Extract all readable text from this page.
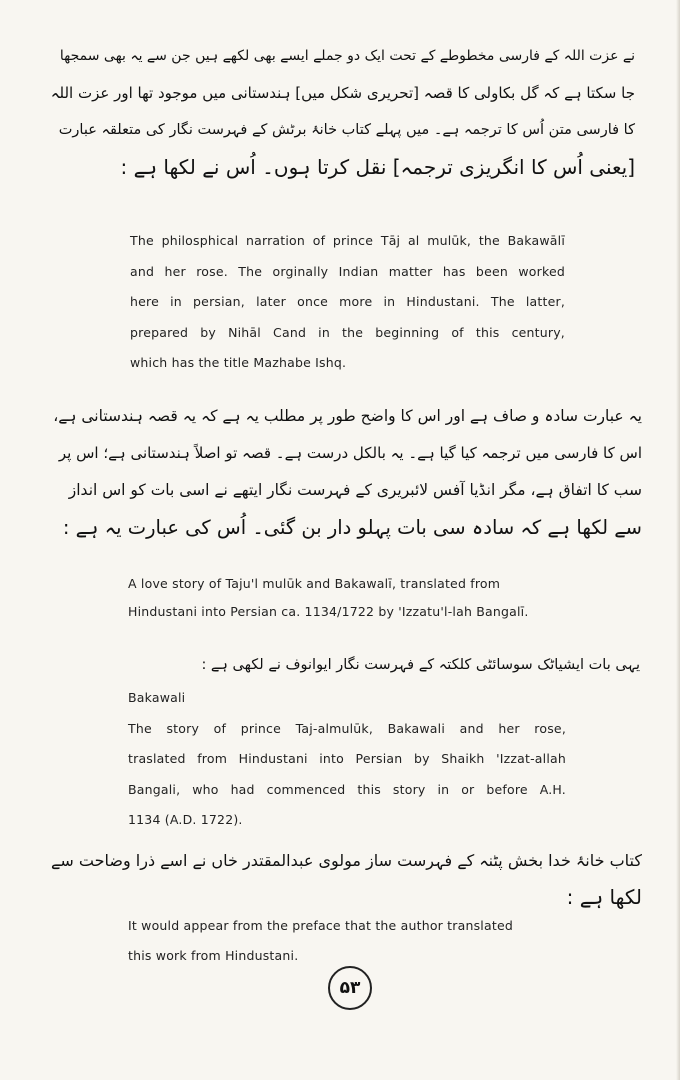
نے عزت اللہ کے فارسی مخطوطے کے تحت ایک دو جملے ایسے بھی لکھے ہیں جن سے یہ بھی سمجھا
جا سکتا ہے کہ گل بکاولی کا قصہ [تحریری شکل میں] ہندستانی میں موجود تھا اور عزت اللہ
کا فارسی متن اُس کا ترجمہ ہے۔ میں پہلے کتاب خانۂ برٹش کے فہرست نگار کی متعلقہ عبارت
[یعنی اُس کا انگریزی ترجمہ] نقل کرتا ہوں۔ اُس نے لکھا ہے :
The philosphical narration of prince Tāj al mulūk, the Bakawālī
and her rose. The orginally Indian matter has been worked
here in persian, later once more in Hindustani. The latter,
prepared by Nihāl Cand in the beginning of this century,
which has the title Mazhabe Ishq.
یہ عبارت سادہ و صاف ہے اور اس کا واضح طور پر مطلب یہ ہے کہ یہ قصہ ہندستانی ہے،
اس کا فارسی میں ترجمہ کیا گیا ہے۔ یہ بالکل درست ہے۔ قصہ تو اصلاً ہندستانی ہے؛ اس پر
سب کا اتفاق ہے، مگر انڈیا آفس لائبریری کے فہرست نگار ایتھے نے اسی بات کو اس انداز
سے لکھا ہے کہ سادہ سی بات پہلو دار بن گئی۔ اُس کی عبارت یہ ہے :
A love story of Taju'l mulūk and Bakawalī, translated from
Hindustani into Persian ca. 1134/1722 by 'Izzatu'l-lah Bangalī.
یہی بات ایشیاٹک سوسائٹی کلکتہ کے فہرست نگار ایوانوف نے لکھی ہے :
Bakawali
The story of prince Taj-almulūk, Bakawali and her rose,
traslated from Hindustani into Persian by Shaikh 'Izzat-allah
Bangali, who had commenced this story in or before A.H.
1134 (A.D. 1722).
کتاب خانۂ خدا بخش پٹنہ کے فہرست ساز مولوی عبدالمقتدر خاں نے اسے ذرا وضاحت سے
لکھا ہے :
It would appear from the preface that the author translated
this work from Hindustani.
۵۳
